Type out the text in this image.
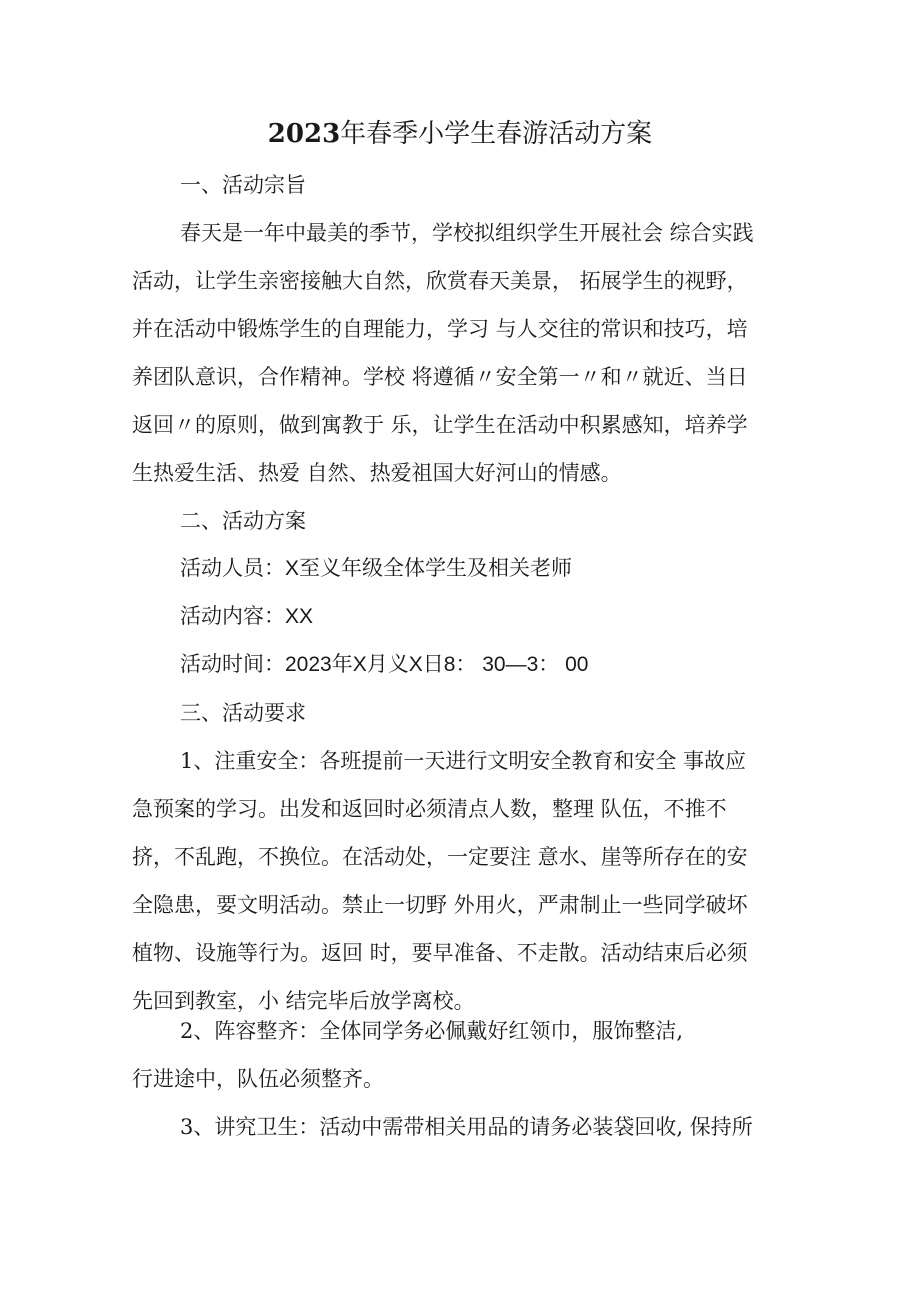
2023年春季小学生春游活动方案

一、活动宗旨

春天是一年中最美的季节，学校拟组织学生开展社会 综合实践

活动，让学生亲密接触大自然，欣赏春天美景， 拓展学生的视野，

并在活动中锻炼学生的自理能力，学习 与人交往的常识和技巧，培

养团队意识，合作精神。学校 将遵循〃安全第一〃和〃就近、当日

返回〃的原则，做到寓教于 乐，让学生在活动中积累感知，培养学

生热爱生活、热爱 自然、热爱祖国大好河山的情感。

二、活动方案

活动人员：X至义年级全体学生及相关老师

活动内容：XX

活动时间：2023年X月义X日8： 30—3： 00

三、活动要求

1、注重安全：各班提前一天进行文明安全教育和安全 事故应

急预案的学习。出发和返回时必须清点人数，整理 队伍，不推不

挤，不乱跑，不换位。在活动处，一定要注 意水、崖等所存在的安

全隐患，要文明活动。禁止一切野 外用火，严肃制止一些同学破坏

植物、设施等行为。返回 时，要早准备、不走散。活动结束后必须

先回到教室，小 结完毕后放学离校。

2、阵容整齐：全体同学务必佩戴好红领巾，服饰整洁,

行进途中，队伍必须整齐。

3、讲究卫生：活动中需带相关用品的请务必装袋回收, 保持所
